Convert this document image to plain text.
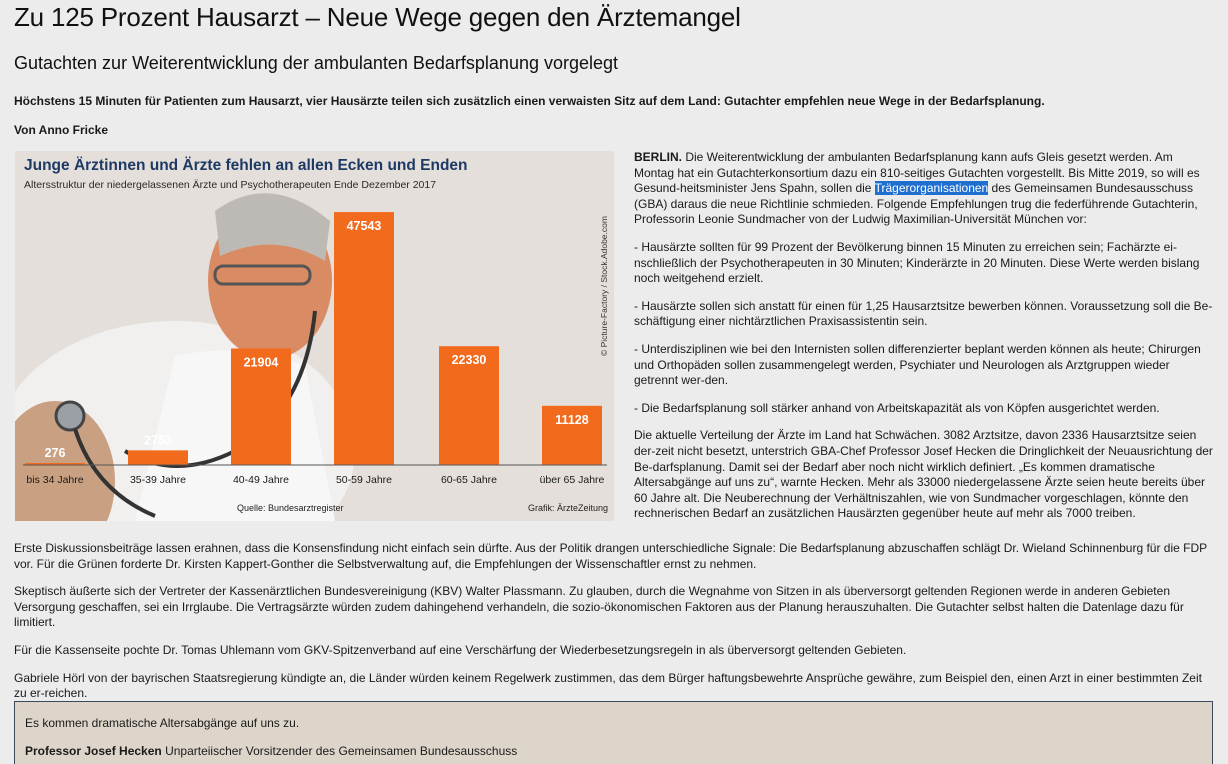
Zu 125 Prozent Hausarzt – Neue Wege gegen den Ärztemangel
Gutachten zur Weiterentwicklung der ambulanten Bedarfsplanung vorgelegt
Höchstens 15 Minuten für Patienten zum Hausarzt, vier Hausärzte teilen sich zusätzlich einen verwaisten Sitz auf dem Land: Gutachter empfehlen neue Wege in der Bedarfsplanung.
Von Anno Fricke
276
bis 34 Jahre
2753
35-39 Jahre
21904
40-49 Jahre
47543
50-59 Jahre
22330
60-65 Jahre
11128
über 65 Jahre
Junge Ärztinnen und Ärzte fehlen an allen Ecken und Enden
Altersstruktur der niedergelassenen Ärzte und Psychotherapeuten Ende Dezember 2017
© Picture-Factory / Stock.Adobe.com
Quelle: Bundesarztregister	Grafik: ÄrzteZeitung

BERLIN. Die Weiterentwicklung der ambulanten Bedarfsplanung kann aufs Gleis gesetzt werden. Am Montag hat ein Gutachterkonsortium dazu ein 810-seitiges Gutachten vorgestellt. Bis Mitte 2019, so will es Gesund-heitsminister Jens Spahn, sollen die Trägerorganisationen des Gemeinsamen Bundesausschuss (GBA) daraus die neue Richtlinie schmieden. Folgende Empfehlungen trug die federführende Gutachterin, Professorin Leonie Sundmacher von der Ludwig Maximilian-Universität München vor:

- Hausärzte sollten für 99 Prozent der Bevölkerung binnen 15 Minuten zu erreichen sein; Fachärzte ei-nschließlich der Psychotherapeuten in 30 Minuten; Kinderärzte in 20 Minuten. Diese Werte werden bislang noch weitgehend erzielt.

- Hausärzte sollen sich anstatt für einen für 1,25 Hausarztsitze bewerben können. Voraussetzung soll die Be-schäftigung einer nichtärztlichen Praxisassistentin sein.

- Unterdisziplinen wie bei den Internisten sollen differenzierter beplant werden können als heute; Chirurgen und Orthopäden sollen zusammengelegt werden, Psychiater und Neurologen als Arztgruppen wieder getrennt wer-den.

- Die Bedarfsplanung soll stärker anhand von Arbeitskapazität als von Köpfen ausgerichtet werden.

Die aktuelle Verteilung der Ärzte im Land hat Schwächen. 3082 Arztsitze, davon 2336 Hausarztsitze seien der-zeit nicht besetzt, unterstrich GBA-Chef Professor Josef Hecken die Dringlichkeit der Neuausrichtung der Be-darfsplanung. Damit sei der Bedarf aber noch nicht wirklich definiert. „Es kommen dramatische Altersabgänge auf uns zu“, warnte Hecken. Mehr als 33000 niedergelassene Ärzte seien heute bereits über 60 Jahre alt. Die Neuberechnung der Verhältniszahlen, wie von Sundmacher vorgeschlagen, könnte den rechnerischen Bedarf an zusätzlichen Hausärzten gegenüber heute auf mehr als 7000 treiben.

Erste Diskussionsbeiträge lassen erahnen, dass die Konsensfindung nicht einfach sein dürfte. Aus der Politik drangen unterschiedliche Signale: Die Bedarfsplanung abzuschaffen schlägt Dr. Wieland Schinnenburg für die FDP vor. Für die Grünen forderte Dr. Kirsten Kappert-Gonther die Selbstverwaltung auf, die Empfehlungen der Wissenschaftler ernst zu nehmen.

Skeptisch äußerte sich der Vertreter der Kassenärztlichen Bundesvereinigung (KBV) Walter Plassmann. Zu glauben, durch die Wegnahme von Sitzen in als überversorgt geltenden Regionen werde in anderen Gebieten Versorgung geschaffen, sei ein Irrglaube. Die Vertragsärzte würden zudem dahingehend verhandeln, die sozio-ökonomischen Faktoren aus der Planung herauszuhalten. Die Gutachter selbst halten die Datenlage dazu für limitiert.

Für die Kassenseite pochte Dr. Tomas Uhlemann vom GKV-Spitzenverband auf eine Verschärfung der Wiederbesetzungsregeln in als überversorgt geltenden Gebieten.

Gabriele Hörl von der bayrischen Staatsregierung kündigte an, die Länder würden keinem Regelwerk zustimmen, das dem Bürger haftungsbewehrte Ansprüche gewähre, zum Beispiel den, einen Arzt in einer bestimmten Zeit zu er-reichen.

Es kommen dramatische Altersabgänge auf uns zu.
Professor Josef Hecken Unparteiischer Vorsitzender des Gemeinsamen Bundesausschuss
